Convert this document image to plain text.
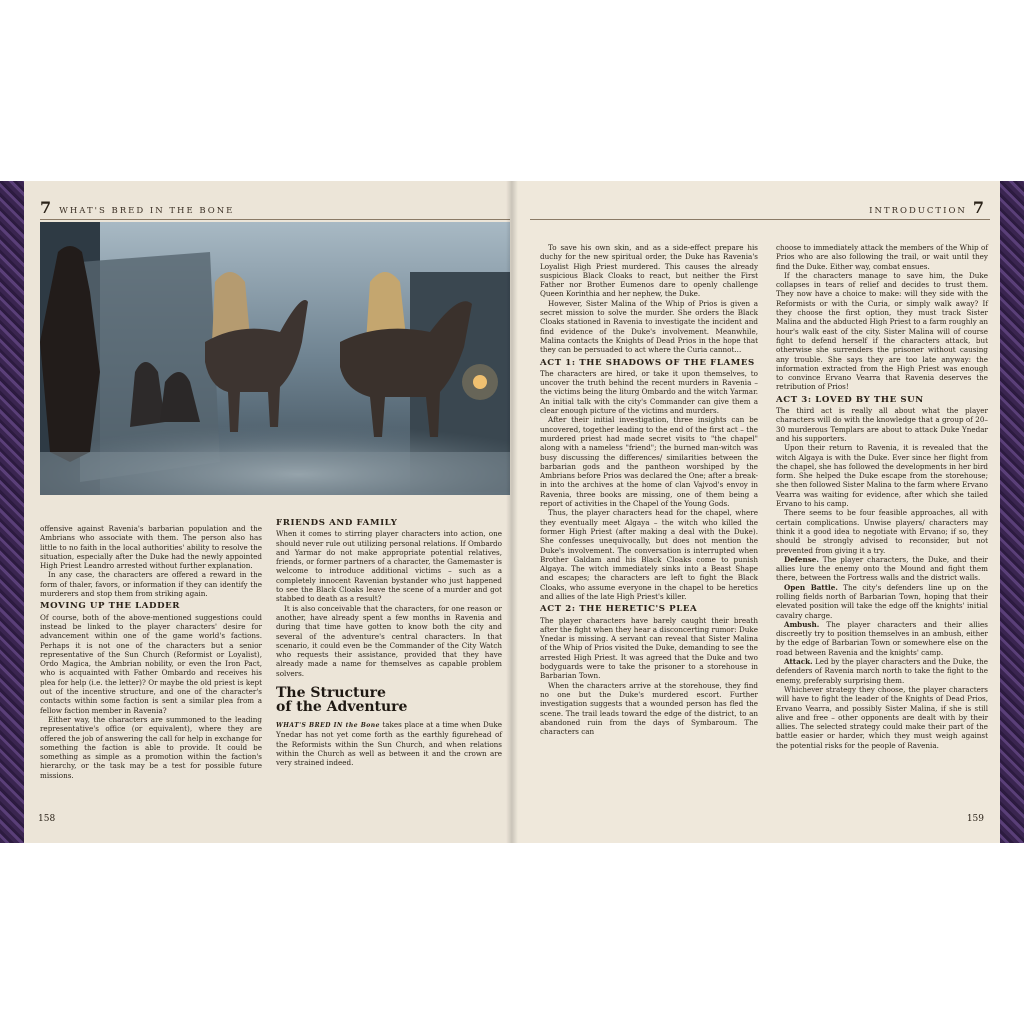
7 WHAT'S BRED IN THE BONE

offensive against Ravenia's barbarian population and the Ambrians who associate with them. The person also has little to no faith in the local authorities' ability to resolve the situation, especially after the Duke had the newly appointed High Priest Leandro arrested without further explanation.

In any case, the characters are offered a reward in the form of thaler, favors, or information if they can identify the murderers and stop them from striking again.

MOVING UP THE LADDER

Of course, both of the above-mentioned suggestions could instead be linked to the player characters' desire for advancement within one of the game world's factions. Perhaps it is not one of the characters but a senior representative of the Sun Church (Reformist or Loyalist), Ordo Magica, the Ambrian nobility, or even the Iron Pact, who is acquainted with Father Ombardo and receives his plea for help (i.e. the letter)? Or maybe the old priest is kept out of the incentive structure, and one of the character's contacts within some faction is sent a similar plea from a fellow faction member in Ravenia?

Either way, the characters are summoned to the leading representative's office (or equivalent), where they are offered the job of answering the call for help in exchange for something the faction is able to provide. It could be something as simple as a promotion within the faction's hierarchy, or the task may be a test for possible future missions.

FRIENDS AND FAMILY

When it comes to stirring player characters into action, one should never rule out utilizing personal relations. If Ombardo and Yarmar do not make appropriate potential relatives, friends, or former partners of a character, the Gamemaster is welcome to introduce additional victims – such as a completely innocent Ravenian bystander who just happened to see the Black Cloaks leave the scene of a murder and got stabbed to death as a result?

It is also conceivable that the characters, for one reason or another, have already spent a few months in Ravenia and during that time have gotten to know both the city and several of the adventure's central characters. In that scenario, it could even be the Commander of the City Watch who requests their assistance, provided that they have already made a name for themselves as capable problem solvers.

The Structure
of the Adventure

WHAT'S BRED IN the Bone takes place at a time when Duke Ynedar has not yet come forth as the earthly figurehead of the Reformists within the Sun Church, and when relations within the Church as well as between it and the crown are very strained indeed.

158
INTRODUCTION 7

To save his own skin, and as a side-effect prepare his duchy for the new spiritual order, the Duke has Ravenia's Loyalist High Priest murdered. This causes the already suspicious Black Cloaks to react, but neither the First Father nor Brother Eumenos dare to openly challenge Queen Korinthia and her nephew, the Duke.

However, Sister Malina of the Whip of Prios is given a secret mission to solve the murder. She orders the Black Cloaks stationed in Ravenia to investigate the incident and find evidence of the Duke's involvement. Meanwhile, Malina contacts the Knights of Dead Prios in the hope that they can be persuaded to act where the Curia cannot...

ACT 1: THE SHADOWS OF THE FLAMES

The characters are hired, or take it upon themselves, to uncover the truth behind the recent murders in Ravenia – the victims being the liturg Ombardo and the witch Yarmar. An initial talk with the city's Commander can give them a clear enough picture of the victims and murders.

After their initial investigation, three insights can be uncovered, together leading to the end of the first act – the murdered priest had made secret visits to "the chapel" along with a nameless "friend"; the burned man-witch was busy discussing the differences/ similarities between the barbarian gods and the pantheon worshiped by the Ambrians before Prios was declared the One; after a break-in into the archives at the home of clan Vajvod's envoy in Ravenia, three books are missing, one of them being a report of activities in the Chapel of the Young Gods.

Thus, the player characters head for the chapel, where they eventually meet Algaya – the witch who killed the former High Priest (after making a deal with the Duke). She confesses unequivocally, but does not mention the Duke's involvement. The conversation is interrupted when Brother Galdam and his Black Cloaks come to punish Algaya. The witch immediately sinks into a Beast Shape and escapes; the characters are left to fight the Black Cloaks, who assume everyone in the chapel to be heretics and allies of the late High Priest's killer.

ACT 2: THE HERETIC'S PLEA

The player characters have barely caught their breath after the fight when they hear a disconcerting rumor: Duke Ynedar is missing. A servant can reveal that Sister Malina of the Whip of Prios visited the Duke, demanding to see the arrested High Priest. It was agreed that the Duke and two bodyguards were to take the prisoner to a storehouse in Barbarian Town.

When the characters arrive at the storehouse, they find no one but the Duke's murdered escort. Further investigation suggests that a wounded person has fled the scene. The trail leads toward the edge of the district, to an abandoned ruin from the days of Symbaroum. The characters can

choose to immediately attack the members of the Whip of Prios who are also following the trail, or wait until they find the Duke. Either way, combat ensues.

If the characters manage to save him, the Duke collapses in tears of relief and decides to trust them. They now have a choice to make: will they side with the Reformists or with the Curia, or simply walk away? If they choose the first option, they must track Sister Malina and the abducted High Priest to a farm roughly an hour's walk east of the city. Sister Malina will of course fight to defend herself if the characters attack, but otherwise she surrenders the prisoner without causing any trouble. She says they are too late anyway: the information extracted from the High Priest was enough to convince Ervano Vearra that Ravenia deserves the retribution of Prios!

ACT 3: LOVED BY THE SUN

The third act is really all about what the player characters will do with the knowledge that a group of 20–30 murderous Templars are about to attack Duke Ynedar and his supporters.

Upon their return to Ravenia, it is revealed that the witch Algaya is with the Duke. Ever since her flight from the chapel, she has followed the developments in her bird form. She helped the Duke escape from the storehouse; she then followed Sister Malina to the farm where Ervano Vearra was waiting for evidence, after which she tailed Ervano to his camp.

There seems to be four feasible approaches, all with certain complications. Unwise players/ characters may think it a good idea to negotiate with Ervano; if so, they should be strongly advised to reconsider, but not prevented from giving it a try.

Defense. The player characters, the Duke, and their allies lure the enemy onto the Mound and fight them there, between the Fortress walls and the district walls.

Open Battle. The city's defenders line up on the rolling fields north of Barbarian Town, hoping that their elevated position will take the edge off the knights' initial cavalry charge.

Ambush. The player characters and their allies discreetly try to position themselves in an ambush, either by the edge of Barbarian Town or somewhere else on the road between Ravenia and the knights' camp.

Attack. Led by the player characters and the Duke, the defenders of Ravenia march north to take the fight to the enemy, preferably surprising them.

Whichever strategy they choose, the player characters will have to fight the leader of the Knights of Dead Prios, Ervano Vearra, and possibly Sister Malina, if she is still alive and free – other opponents are dealt with by their allies. The selected strategy could make their part of the battle easier or harder, which they must weigh against the potential risks for the people of Ravenia.

159
